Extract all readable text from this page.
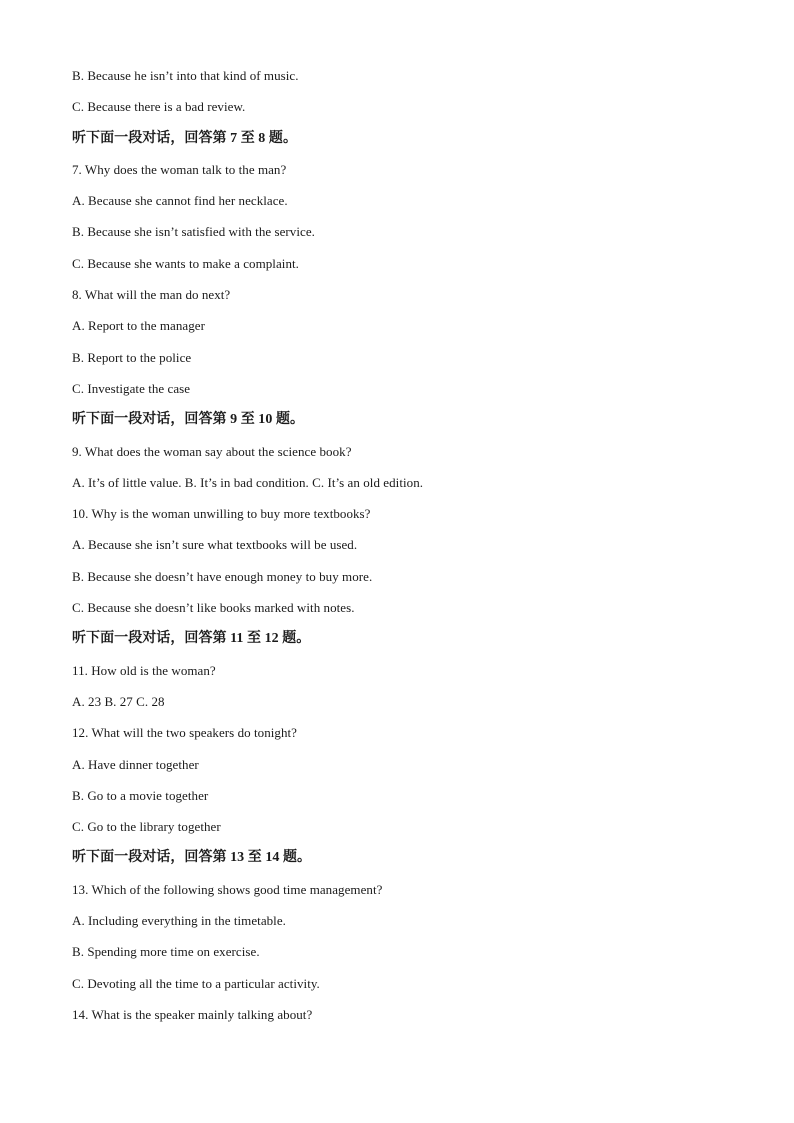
B. Because he isn’t into that kind of music.
C. Because there is a bad review.
听下面一段对话，回答第 7 至 8 题。
7. Why does the woman talk to the man?
A. Because she cannot find her necklace.
B. Because she isn’t satisfied with the service.
C. Because she wants to make a complaint.
8. What will the man do next?
A. Report to the manager
B. Report to the police
C. Investigate the case
听下面一段对话，回答第 9 至 10 题。
9. What does the woman say about the science book?
A. It’s of little value. B. It’s in bad condition. C. It’s an old edition.
10. Why is the woman unwilling to buy more textbooks?
A. Because she isn’t sure what textbooks will be used.
B. Because she doesn’t have enough money to buy more.
C. Because she doesn’t like books marked with notes.
听下面一段对话，回答第 11 至 12 题。
11. How old is the woman?
A. 23 B. 27 C. 28
12. What will the two speakers do tonight?
A. Have dinner together
B. Go to a movie together
C. Go to the library together
听下面一段对话，回答第 13 至 14 题。
13. Which of the following shows good time management?
A. Including everything in the timetable.
B. Spending more time on exercise.
C. Devoting all the time to a particular activity.
14. What is the speaker mainly talking about?
